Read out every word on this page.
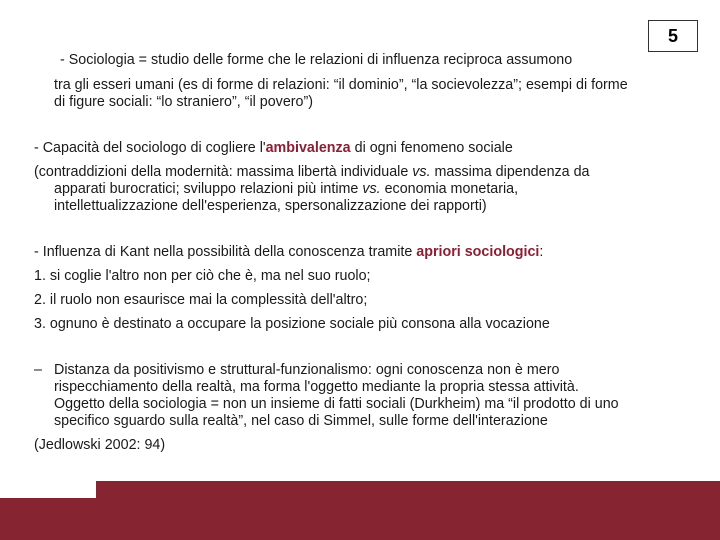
5
- Sociologia = studio delle forme che le relazioni di influenza reciproca assumono
tra gli esseri umani (es di forme di relazioni: “il dominio”, “la socievolezza”; esempi di forme
di figure sociali: “lo straniero”, “il povero”)
- Capacità del sociologo di cogliere l'ambivalenza di ogni fenomeno sociale
(contraddizioni della modernità: massima libertà individuale vs. massima dipendenza da
apparati burocratici; sviluppo relazioni più intime vs. economia monetaria,
intellettualizzazione dell'esperienza, spersonalizzazione dei rapporti)
- Influenza di Kant nella possibilità della conoscenza tramite apriori sociologici:
1. si coglie l'altro non per ciò che è, ma nel suo ruolo;
2. il ruolo non esaurisce mai la complessità dell'altro;
3. ognuno è destinato a occupare la posizione sociale più consona alla vocazione
– Distanza da positivismo e struttural-funzionalismo: ogni conoscenza non è mero
rispecchiamento della realtà, ma forma l'oggetto mediante la propria stessa attività.
Oggetto della sociologia = non un insieme di fatti sociali (Durkheim) ma “il prodotto di uno
specifico sguardo sulla realtà”, nel caso di Simmel, sulle forme dell'interazione
(Jedlowski 2002: 94)
